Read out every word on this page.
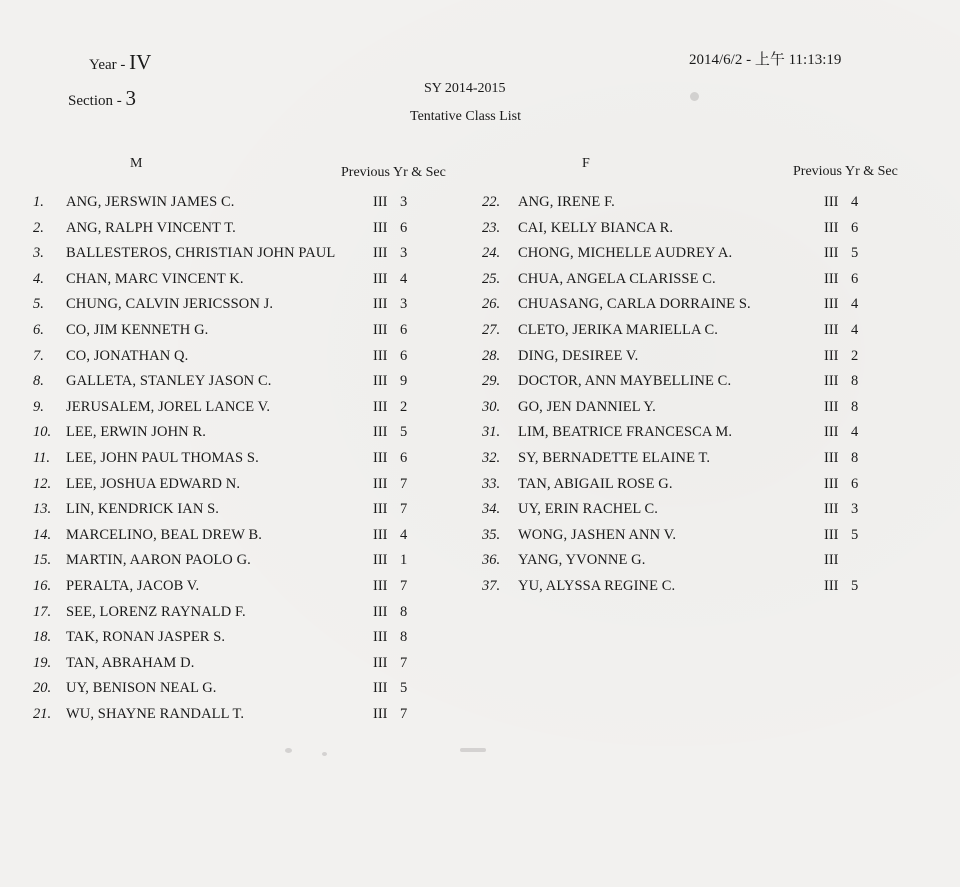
Year - IV
Section - 3
2014/6/2 - 上午 11:13:19
SY 2014-2015
Tentative Class List
M
Previous Yr & Sec
F
Previous Yr & Sec
1. ANG, JERSWIN JAMES C.	III 3
2. ANG, RALPH VINCENT T.	III 6
3. BALLESTEROS, CHRISTIAN JOHN PAUL	III 3
4. CHAN, MARC VINCENT K.	III 4
5. CHUNG, CALVIN JERICSSON J.	III 3
6. CO, JIM KENNETH G.	III 6
7. CO, JONATHAN Q.	III 6
8. GALLETA, STANLEY JASON C.	III 9
9. JERUSALEM, JOREL LANCE V.	III 2
10. LEE, ERWIN JOHN R.	III 5
11. LEE, JOHN PAUL THOMAS S.	III 6
12. LEE, JOSHUA EDWARD N.	III 7
13. LIN, KENDRICK IAN S.	III 7
14. MARCELINO, BEAL DREW B.	III 4
15. MARTIN, AARON PAOLO G.	III 1
16. PERALTA, JACOB V.	III 7
17. SEE, LORENZ RAYNALD F.	III 8
18. TAK, RONAN JASPER S.	III 8
19. TAN, ABRAHAM D.	III 7
20. UY, BENISON NEAL G.	III 5
21. WU, SHAYNE RANDALL T.	III 7
22. ANG, IRENE F.	III 4
23. CAI, KELLY BIANCA R.	III 6
24. CHONG, MICHELLE AUDREY A.	III 5
25. CHUA, ANGELA CLARISSE C.	III 6
26. CHUASANG, CARLA DORRAINE S.	III 4
27. CLETO, JERIKA MARIELLA C.	III 4
28. DING, DESIREE V.	III 2
29. DOCTOR, ANN MAYBELLINE C.	III 8
30. GO, JEN DANNIEL Y.	III 8
31. LIM, BEATRICE FRANCESCA M.	III 4
32. SY, BERNADETTE ELAINE T.	III 8
33. TAN, ABIGAIL ROSE G.	III 6
34. UY, ERIN RACHEL C.	III 3
35. WONG, JASHEN ANN V.	III 5
36. YANG, YVONNE G.	III
37. YU, ALYSSA REGINE C.	III 5
